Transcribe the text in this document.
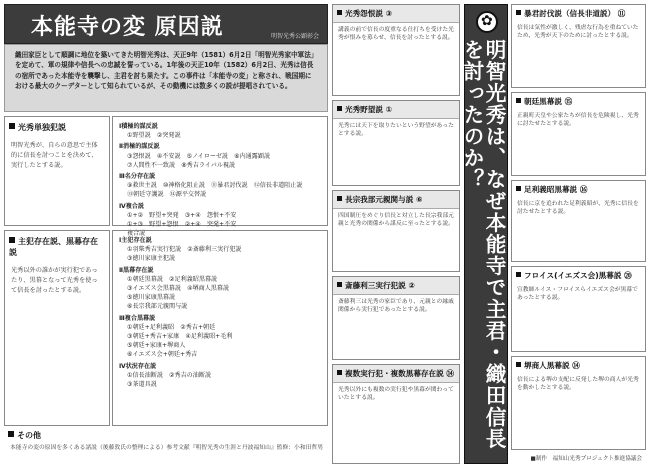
本能寺の変 原因説	明智光秀公顕彰会
織田家臣として順調に地位を築いてきた明智光秀は、天正9年（1581）6月2日「明智光秀家中軍法」を定めて、軍の規律や信長への忠誠を誓っている。1年後の天正10年（1582）6月2日、光秀は信長の宿所であった本能寺を襲撃し、主君を討ち果たす。この事件は「本能寺の変」と称され、戦国期における最大のクーデターとして知られているが、その動機には数多くの説が提唱されている。
光秀単独犯説
明智光秀が、自らの意思で主体的に信長を討つことを決めて、実行したとする説。
Ⅰ積極的謀反説
①野望説　②突発説
Ⅱ消極的謀反説
③怨恨説　④不安説　⑤ノイローゼ説　⑥内通露顕説
⑦人間性不一致説　⑧秀吉ライバル視説
Ⅲ名分存在説
⑨救世主説　⑩神格化阻止説　⑪暴君討伐説　⑫信長非道阻止説
⑬朝廷守護説　⑭源平交替説
Ⅳ複合説
①+②　野望+突発　③+④　怨恨+不安
①+③　野望+怨恨　②+④　突発+不安
複合説
主犯存在説、黒幕存在説
光秀以外の誰かが実行犯であったり、黒幕となって光秀を使って信長を討ったとする説。
Ⅰ主犯存在説
①羽柴秀吉実行犯説　②斎藤利三実行犯説
③徳川家康主犯説
Ⅱ黒幕存在説
①朝廷黒幕説　②足利義昭黒幕説
③イエズス会黒幕説　④堺商人黒幕説
⑤徳川家康黒幕説
⑥長宗我部元親関与説
Ⅲ複合黒幕説
①朝廷+足利義昭　②秀吉+朝廷
③朝廷+秀吉+家康　④足利義昭+毛利
⑤朝廷+家康+堺商人
⑥イエズス会+朝廷+秀吉
Ⅳ状況存在説
①信長油断説　②秀吉の油断説
③茶道具説
その他
本能寺の変の原因を多くある諸説（後藤敦氏の整理による）参考文献『明智光秀の生涯と丹波福知山』監修：小和田哲男
光秀怨恨説 ③
講義の前で信長の度重なる仕打ちを受けた光秀が恨みを募らせ、信長を討ったとする説。
光秀野望説 ①
光秀には天下を取りたいという野望があったとする説。
長宗我部元親関与説 ⑥
四国制圧をめぐり信長と対立した長宗我部元親と光秀の関係から謀反に至ったとする説。
斎藤利三実行犯説 ②
斎藤利三は光秀の家臣であり、元親との縁戚関係から実行犯であったとする説。
複数実行犯・複数黒幕存在説 ⑭
光秀以外にも複数の実行犯や黒幕が関わっていたとする説。
✿	明智光秀は、なぜ本能寺で主君・織田信長を討ったのか？
■制作　福知山光秀プロジェクト推進協議会
暴君討伐説（信長非道説） ⑪
信長は気性が激しく、残虐な行為を重ねていたため、光秀が天下のために討ったとする説。
朝廷黒幕説 ⑮
正親町天皇や公家たちが信長を危険視し、光秀に討たせたとする説。
足利義昭黒幕説 ⑯
信長に京を追われた足利義昭が、光秀に信長を討たせたとする説。
フロイス(イエズス会)黒幕説 ⑳
宣教師ルイス・フロイスらイエズス会が黒幕であったとする説。
堺商人黒幕説 ⑭
信長による堺の支配に反発した堺の商人が光秀を動かしたとする説。
